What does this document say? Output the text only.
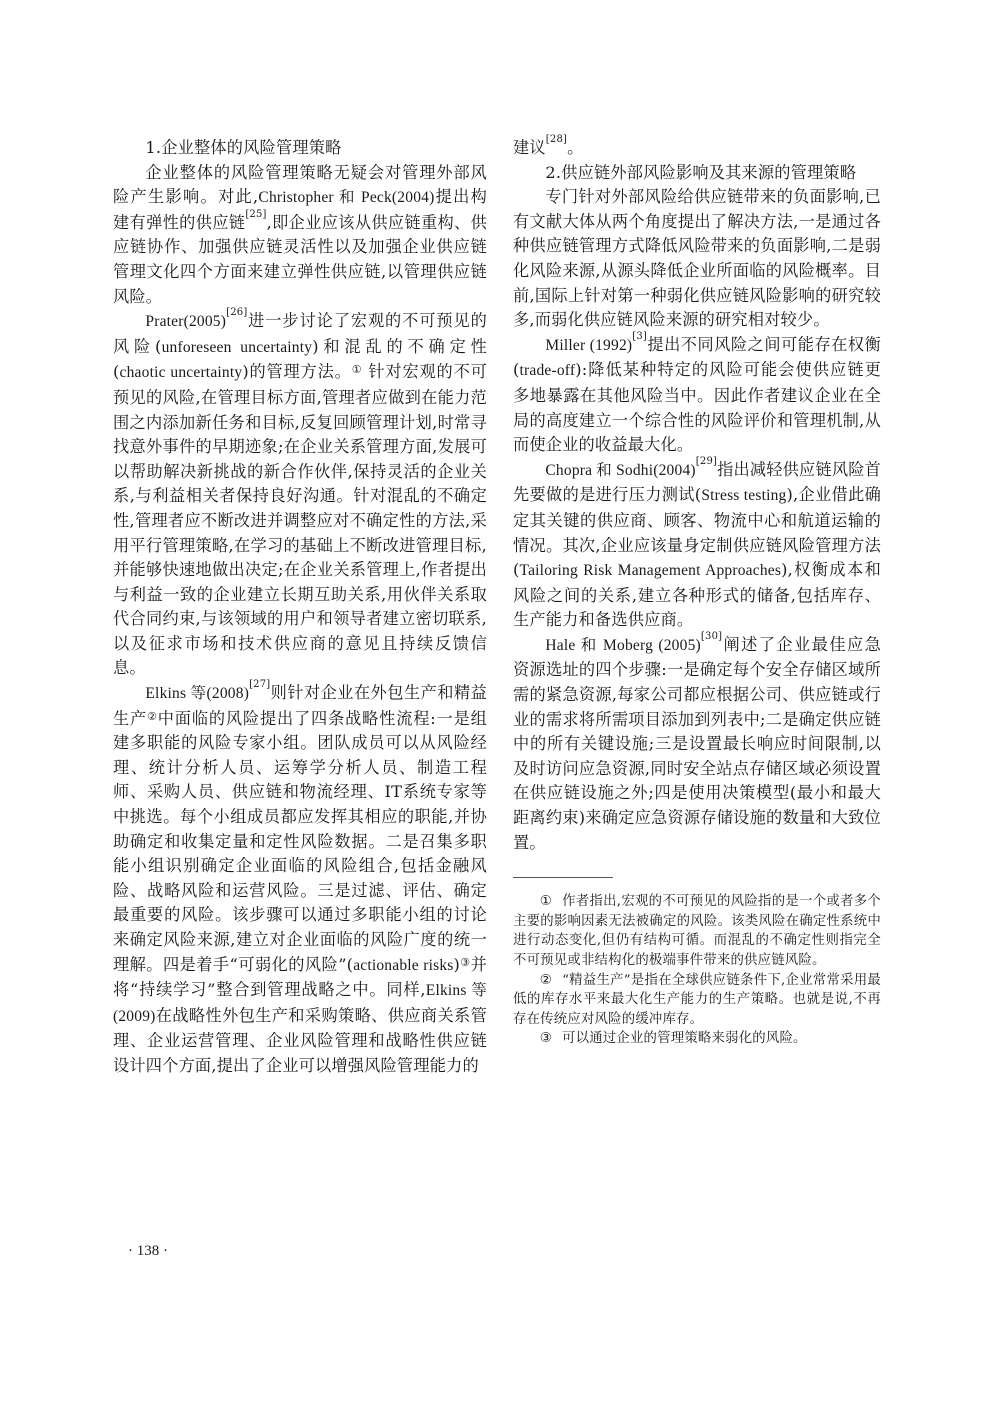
1.企业整体的风险管理策略

企业整体的风险管理策略无疑会对管理外部风险产生影响。对此,Christopher 和 Peck(2004)提出构建有弹性的供应链[25],即企业应该从供应链重构、供应链协作、加强供应链灵活性以及加强企业供应链管理文化四个方面来建立弹性供应链,以管理供应链风险。

Prater(2005)[26]进一步讨论了宏观的不可预见的风险(unforeseen uncertainty)和混乱的不确定性(chaotic uncertainty)的管理方法。① 针对宏观的不可预见的风险,在管理目标方面,管理者应做到在能力范围之内添加新任务和目标,反复回顾管理计划,时常寻找意外事件的早期迹象;在企业关系管理方面,发展可以帮助解决新挑战的新合作伙伴,保持灵活的企业关系,与利益相关者保持良好沟通。针对混乱的不确定性,管理者应不断改进并调整应对不确定性的方法,采用平行管理策略,在学习的基础上不断改进管理目标,并能够快速地做出决定;在企业关系管理上,作者提出与利益一致的企业建立长期互助关系,用伙伴关系取代合同约束,与该领域的用户和领导者建立密切联系,以及征求市场和技术供应商的意见且持续反馈信息。

Elkins 等(2008)[27]则针对企业在外包生产和精益生产②中面临的风险提出了四条战略性流程:一是组建多职能的风险专家小组。团队成员可以从风险经理、统计分析人员、运筹学分析人员、制造工程师、采购人员、供应链和物流经理、IT系统专家等中挑选。每个小组成员都应发挥其相应的职能,并协助确定和收集定量和定性风险数据。二是召集多职能小组识别确定企业面临的风险组合,包括金融风险、战略风险和运营风险。三是过滤、评估、确定最重要的风险。该步骤可以通过多职能小组的讨论来确定风险来源,建立对企业面临的风险广度的统一理解。四是着手“可弱化的风险”(actionable risks)③并将“持续学习”整合到管理战略之中。同样,Elkins 等(2009)在战略性外包生产和采购策略、供应商关系管理、企业运营管理、企业风险管理和战略性供应链设计四个方面,提出了企业可以增强风险管理能力的

建议[28]。

2.供应链外部风险影响及其来源的管理策略

专门针对外部风险给供应链带来的负面影响,已有文献大体从两个角度提出了解决方法,一是通过各种供应链管理方式降低风险带来的负面影响,二是弱化风险来源,从源头降低企业所面临的风险概率。目前,国际上针对第一种弱化供应链风险影响的研究较多,而弱化供应链风险来源的研究相对较少。

Miller (1992)[3]提出不同风险之间可能存在权衡(trade-off):降低某种特定的风险可能会使供应链更多地暴露在其他风险当中。因此作者建议企业在全局的高度建立一个综合性的风险评价和管理机制,从而使企业的收益最大化。

Chopra 和 Sodhi(2004)[29]指出减轻供应链风险首先要做的是进行压力测试(Stress testing),企业借此确定其关键的供应商、顾客、物流中心和航道运输的情况。其次,企业应该量身定制供应链风险管理方法(Tailoring Risk Management Approaches),权衡成本和风险之间的关系,建立各种形式的储备,包括库存、生产能力和备选供应商。

Hale 和 Moberg (2005)[30]阐述了企业最佳应急资源选址的四个步骤:一是确定每个安全存储区域所需的紧急资源,每家公司都应根据公司、供应链或行业的需求将所需项目添加到列表中;二是确定供应链中的所有关键设施;三是设置最长响应时间限制,以及时访问应急资源,同时安全站点存储区域必须设置在供应链设施之外;四是使用决策模型(最小和最大距离约束)来确定应急资源存储设施的数量和大致位置。

① 作者指出,宏观的不可预见的风险指的是一个或者多个主要的影响因素无法被确定的风险。该类风险在确定性系统中进行动态变化,但仍有结构可循。而混乱的不确定性则指完全不可预见或非结构化的极端事件带来的供应链风险。

② “精益生产”是指在全球供应链条件下,企业常常采用最低的库存水平来最大化生产能力的生产策略。也就是说,不再存在传统应对风险的缓冲库存。

③ 可以通过企业的管理策略来弱化的风险。

· 138 ·
